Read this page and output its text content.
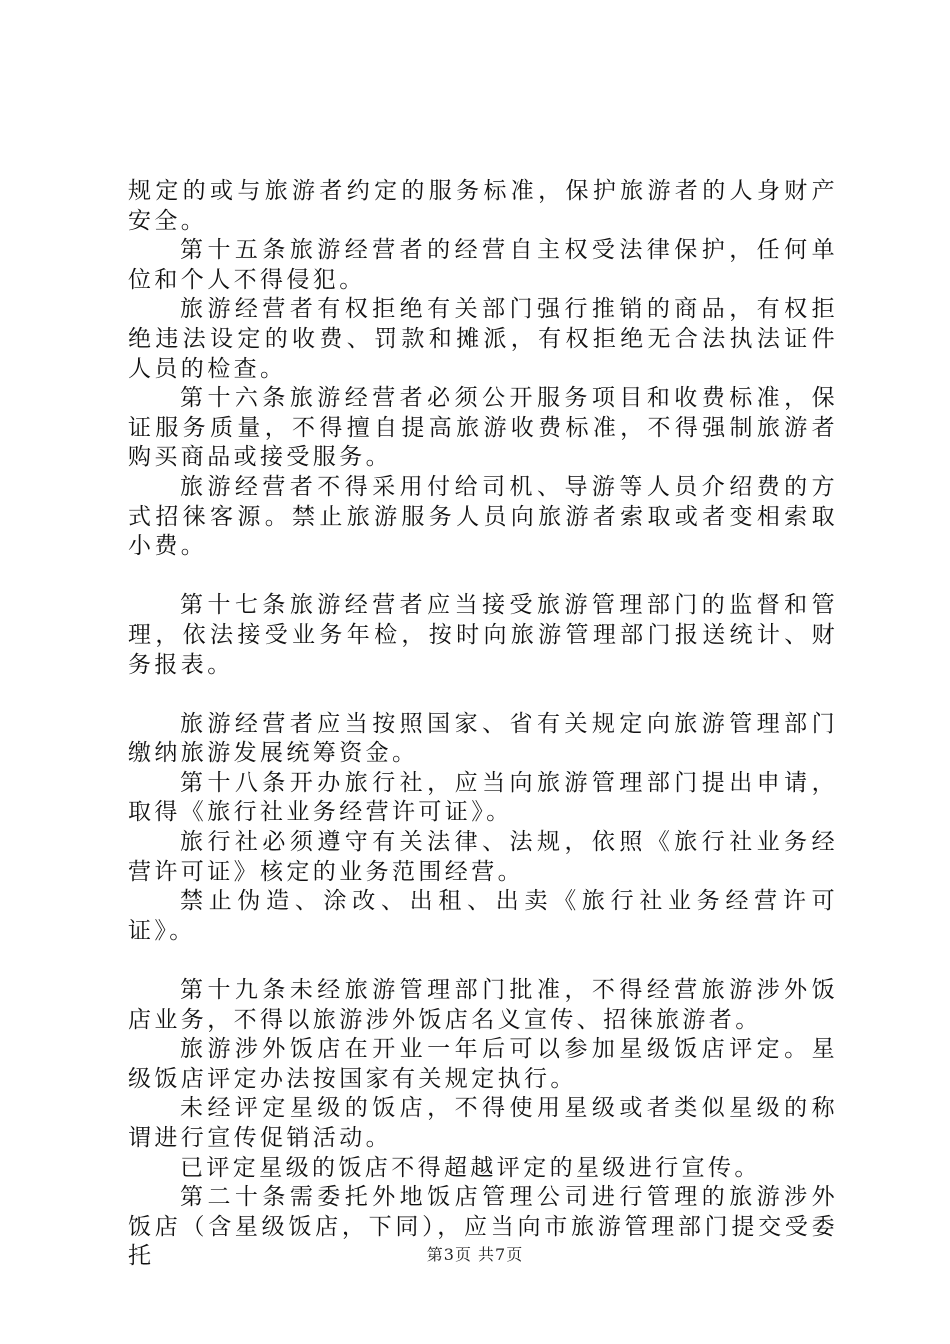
规定的或与旅游者约定的服务标准，保护旅游者的人身财产安全。

第十五条旅游经营者的经营自主权受法律保护，任何单位和个人不得侵犯。

旅游经营者有权拒绝有关部门强行推销的商品，有权拒绝违法设定的收费、罚款和摊派，有权拒绝无合法执法证件人员的检查。

第十六条旅游经营者必须公开服务项目和收费标准，保证服务质量，不得擅自提高旅游收费标准，不得强制旅游者购买商品或接受服务。

旅游经营者不得采用付给司机、导游等人员介绍费的方式招徕客源。禁止旅游服务人员向旅游者索取或者变相索取小费。

第十七条旅游经营者应当接受旅游管理部门的监督和管理，依法接受业务年检，按时向旅游管理部门报送统计、财务报表。

旅游经营者应当按照国家、省有关规定向旅游管理部门缴纳旅游发展统筹资金。

第十八条开办旅行社，应当向旅游管理部门提出申请，取得《旅行社业务经营许可证》。

旅行社必须遵守有关法律、法规，依照《旅行社业务经营许可证》核定的业务范围经营。

禁止伪造、涂改、出租、出卖《旅行社业务经营许可证》。

第十九条未经旅游管理部门批准，不得经营旅游涉外饭店业务，不得以旅游涉外饭店名义宣传、招徕旅游者。

旅游涉外饭店在开业一年后可以参加星级饭店评定。星级饭店评定办法按国家有关规定执行。

未经评定星级的饭店，不得使用星级或者类似星级的称谓进行宣传促销活动。

已评定星级的饭店不得超越评定的星级进行宣传。

第二十条需委托外地饭店管理公司进行管理的旅游涉外饭店（含星级饭店，下同），应当向市旅游管理部门提交受委托	第3页 共7页
